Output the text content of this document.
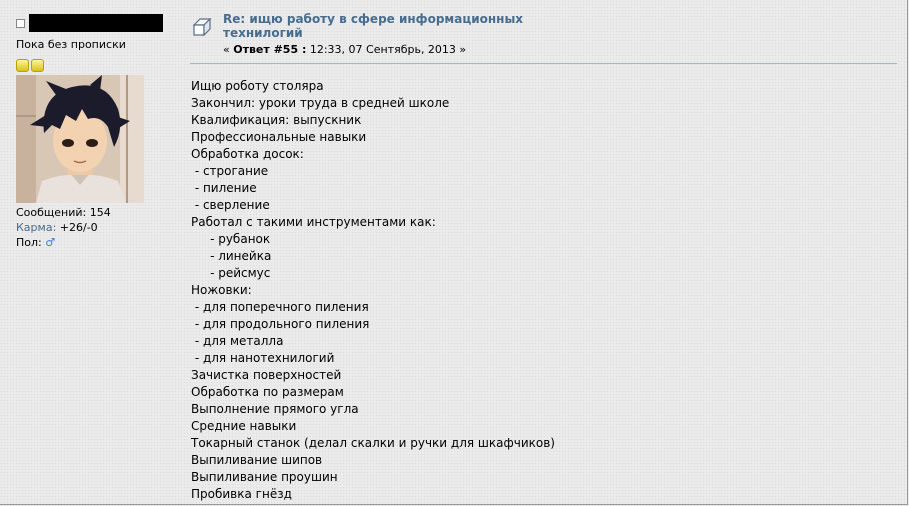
Пока без прописки
Сообщений: 154
Карма: +26/-0
Пол: ♂
Re: ищю работу в сфере информационных технилогий
« Ответ #55 : 12:33, 07 Сентябрь, 2013 »
Ищю роботу столяра
Закончил: уроки труда в средней школе
Квалификация: выпускник
Профессиональные навыки
Обработка досок:
- строгание
- пиление
- сверление
Работал с такими инструментами как:
- рубанок
- линейка
- рейсмус
Ножовки:
- для поперечного пиления
- для продольного пиления
- для металла
- для нанотехнилогий
Зачистка поверхностей
Обработка по размерам
Выполнение прямого угла
Средние навыки
Токарный станок (делал скалки и ручки для шкафчиков)
Выпиливание шипов
Выпиливание проушин
Пробивка гнёзд
